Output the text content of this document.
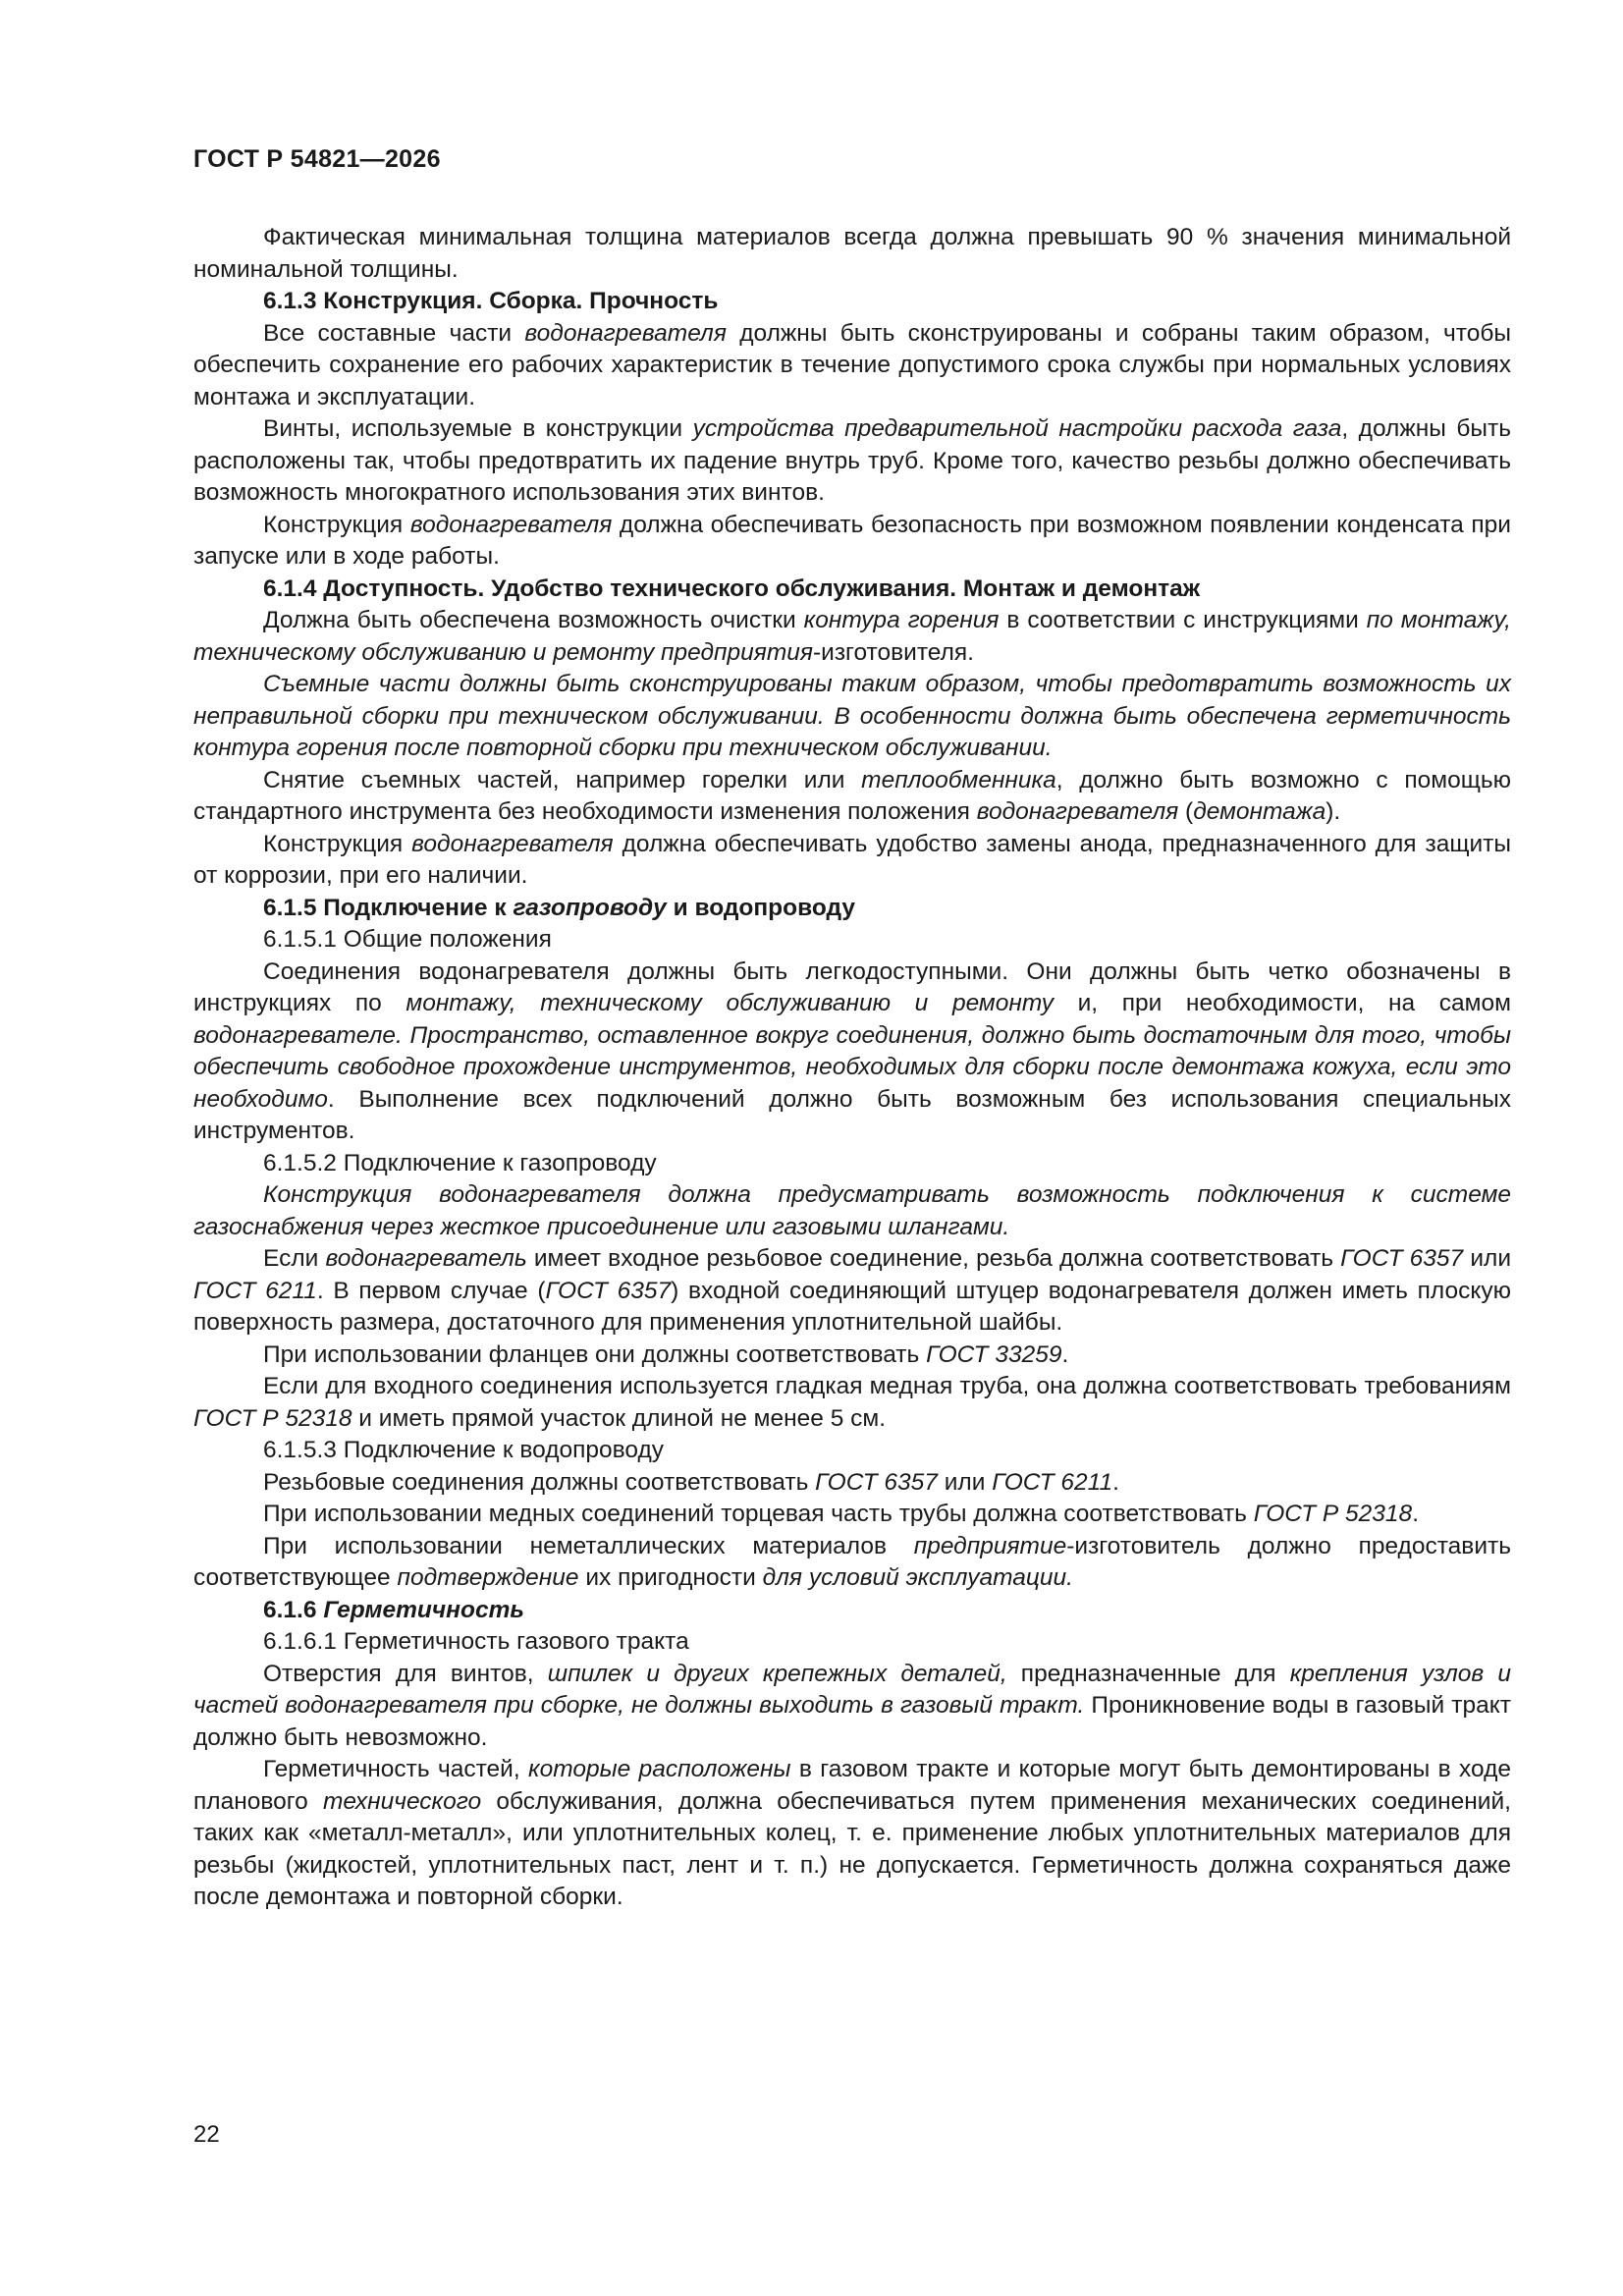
ГОСТ Р 54821—2026

Фактическая минимальная толщина материалов всегда должна превышать 90 % значения минимальной номинальной толщины.

6.1.3 Конструкция. Сборка. Прочность

Все составные части водонагревателя должны быть сконструированы и собраны таким образом, чтобы обеспечить сохранение его рабочих характеристик в течение допустимого срока службы при нормальных условиях монтажа и эксплуатации.

Винты, используемые в конструкции устройства предварительной настройки расхода газа, должны быть расположены так, чтобы предотвратить их падение внутрь труб. Кроме того, качество резьбы должно обеспечивать возможность многократного использования этих винтов.

Конструкция водонагревателя должна обеспечивать безопасность при возможном появлении конденсата при запуске или в ходе работы.

6.1.4 Доступность. Удобство технического обслуживания. Монтаж и демонтаж

Должна быть обеспечена возможность очистки контура горения в соответствии с инструкциями по монтажу, техническому обслуживанию и ремонту предприятия-изготовителя.

Съемные части должны быть сконструированы таким образом, чтобы предотвратить возможность их неправильной сборки при техническом обслуживании. В особенности должна быть обеспечена герметичность контура горения после повторной сборки при техническом обслуживании.

Снятие съемных частей, например горелки или теплообменника, должно быть возможно с помощью стандартного инструмента без необходимости изменения положения водонагревателя (демонтажа).

Конструкция водонагревателя должна обеспечивать удобство замены анода, предназначенного для защиты от коррозии, при его наличии.

6.1.5 Подключение к газопроводу и водопроводу

6.1.5.1 Общие положения

Соединения водонагревателя должны быть легкодоступными. Они должны быть четко обозначены в инструкциях по монтажу, техническому обслуживанию и ремонту и, при необходимости, на самом водонагревателе. Пространство, оставленное вокруг соединения, должно быть достаточным для того, чтобы обеспечить свободное прохождение инструментов, необходимых для сборки после демонтажа кожуха, если это необходимо. Выполнение всех подключений должно быть возможным без использования специальных инструментов.

6.1.5.2 Подключение к газопроводу

Конструкция водонагревателя должна предусматривать возможность подключения к системе газоснабжения через жесткое присоединение или газовыми шлангами.

Если водонагреватель имеет входное резьбовое соединение, резьба должна соответствовать ГОСТ 6357 или ГОСТ 6211. В первом случае (ГОСТ 6357) входной соединяющий штуцер водонагревателя должен иметь плоскую поверхность размера, достаточного для применения уплотнительной шайбы.

При использовании фланцев они должны соответствовать ГОСТ 33259.

Если для входного соединения используется гладкая медная труба, она должна соответствовать требованиям ГОСТ Р 52318 и иметь прямой участок длиной не менее 5 см.

6.1.5.3 Подключение к водопроводу

Резьбовые соединения должны соответствовать ГОСТ 6357 или ГОСТ 6211.

При использовании медных соединений торцевая часть трубы должна соответствовать ГОСТ Р 52318.

При использовании неметаллических материалов предприятие-изготовитель должно предоставить соответствующее подтверждение их пригодности для условий эксплуатации.

6.1.6 Герметичность

6.1.6.1 Герметичность газового тракта

Отверстия для винтов, шпилек и других крепежных деталей, предназначенные для крепления узлов и частей водонагревателя при сборке, не должны выходить в газовый тракт. Проникновение воды в газовый тракт должно быть невозможно.

Герметичность частей, которые расположены в газовом тракте и которые могут быть демонтированы в ходе планового технического обслуживания, должна обеспечиваться путем применения механических соединений, таких как «металл-металл», или уплотнительных колец, т. е. применение любых уплотнительных материалов для резьбы (жидкостей, уплотнительных паст, лент и т. п.) не допускается. Герметичность должна сохраняться даже после демонтажа и повторной сборки.

22
